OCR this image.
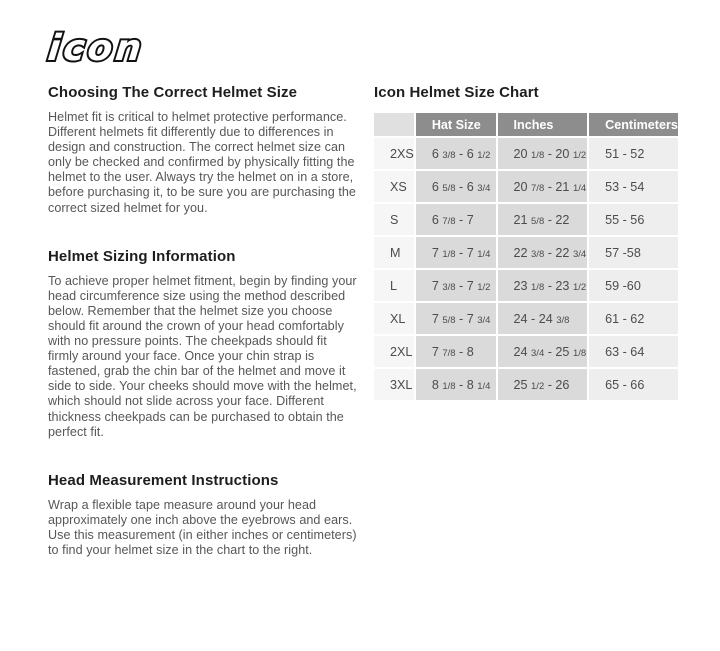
icon
Choosing The Correct Helmet Size

Helmet fit is critical to helmet protective performance. Different helmets fit differently due to differences in design and construction. The correct helmet size can only be checked and confirmed by physically fitting the helmet to the user. Always try the helmet on in a store, before purchasing it, to be sure you are purchasing the correct sized helmet for you.

Helmet Sizing Information

To achieve proper helmet fitment, begin by finding your head circumference size using the method described below. Remember that the helmet size you choose should fit around the crown of your head comfortably with no pressure points. The cheekpads should fit firmly around your face. Once your chin strap is fastened, grab the chin bar of the helmet and move it side to side. Your cheeks should move with the helmet, which should not slide across your face. Different thickness cheekpads can be purchased to obtain the perfect fit.

Head Measurement Instructions

Wrap a flexible tape measure around your head approximately one inch above the eyebrows and ears. Use this measurement (in either inches or centimeters) to find your helmet size in the chart to the right.

Icon Helmet Size Chart
	Hat Size	Inches	Centimeters
2XS	6 3/8 - 6 1/2	20 1/8 - 20 1/2	51 - 52
XS	6 5/8 - 6 3/4	20 7/8 - 21 1/4	53 - 54
S	6 7/8 - 7	21 5/8 - 22	55 - 56
M	7 1/8 - 7 1/4	22 3/8 - 22 3/4	57 -58
L	7 3/8 - 7 1/2	23 1/8 - 23 1/2	59 -60
XL	7 5/8 - 7 3/4	24 - 24 3/8	61 - 62
2XL	7 7/8 - 8	24 3/4 - 25 1/8	63 - 64
3XL	8 1/8 - 8 1/4	25 1/2 - 26	65 - 66
